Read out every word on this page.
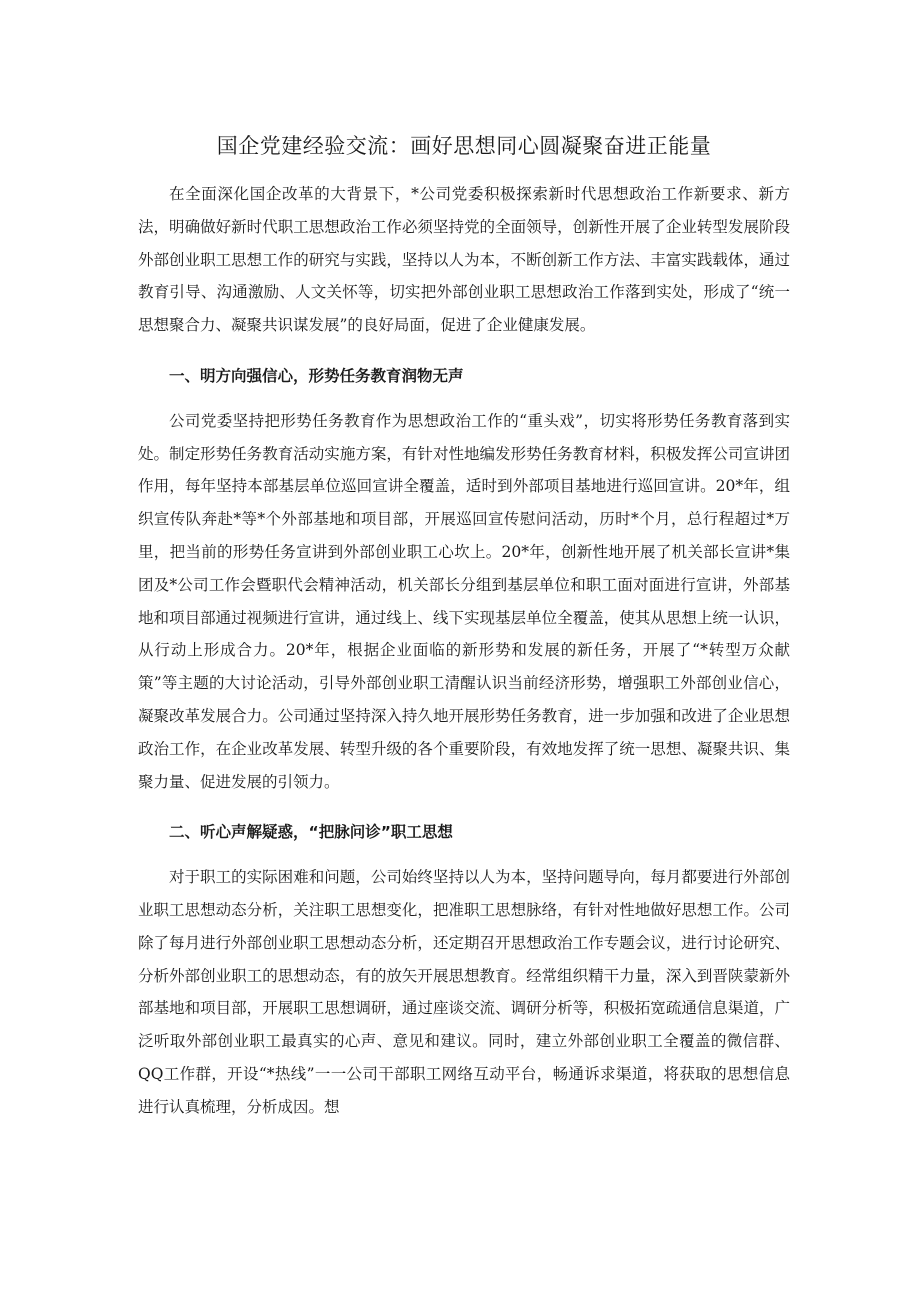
国企党建经验交流：画好思想同心圆凝聚奋进正能量

在全面深化国企改革的大背景下，*公司党委积极探索新时代思想政治工作新要求、新方法，明确做好新时代职工思想政治工作必须坚持党的全面领导，创新性开展了企业转型发展阶段外部创业职工思想工作的研究与实践，坚持以人为本，不断创新工作方法、丰富实践载体，通过教育引导、沟通激励、人文关怀等，切实把外部创业职工思想政治工作落到实处，形成了“统一思想聚合力、凝聚共识谋发展”的良好局面，促进了企业健康发展。

一、明方向强信心，形势任务教育润物无声

公司党委坚持把形势任务教育作为思想政治工作的“重头戏”，切实将形势任务教育落到实处。制定形势任务教育活动实施方案，有针对性地编发形势任务教育材料，积极发挥公司宣讲团作用，每年坚持本部基层单位巡回宣讲全覆盖，适时到外部项目基地进行巡回宣讲。20*年，组织宣传队奔赴*等*个外部基地和项目部，开展巡回宣传慰问活动，历时*个月，总行程超过*万里，把当前的形势任务宣讲到外部创业职工心坎上。20*年，创新性地开展了机关部长宣讲*集团及*公司工作会暨职代会精神活动，机关部长分组到基层单位和职工面对面进行宣讲，外部基地和项目部通过视频进行宣讲，通过线上、线下实现基层单位全覆盖，使其从思想上统一认识，从行动上形成合力。20*年，根据企业面临的新形势和发展的新任务，开展了“*转型万众献策”等主题的大讨论活动，引导外部创业职工清醒认识当前经济形势，增强职工外部创业信心，凝聚改革发展合力。公司通过坚持深入持久地开展形势任务教育，进一步加强和改进了企业思想政治工作，在企业改革发展、转型升级的各个重要阶段，有效地发挥了统一思想、凝聚共识、集聚力量、促进发展的引领力。

二、听心声解疑惑，“把脉问诊”职工思想

对于职工的实际困难和问题，公司始终坚持以人为本，坚持问题导向，每月都要进行外部创业职工思想动态分析，关注职工思想变化，把准职工思想脉络，有针对性地做好思想工作。公司除了每月进行外部创业职工思想动态分析，还定期召开思想政治工作专题会议，进行讨论研究、分析外部创业职工的思想动态，有的放矢开展思想教育。经常组织精干力量，深入到晋陕蒙新外部基地和项目部，开展职工思想调研，通过座谈交流、调研分析等，积极拓宽疏通信息渠道，广泛听取外部创业职工最真实的心声、意见和建议。同时，建立外部创业职工全覆盖的微信群、QQ工作群，开设“*热线”一一公司干部职工网络互动平台，畅通诉求渠道，将获取的思想信息进行认真梳理，分析成因。想
